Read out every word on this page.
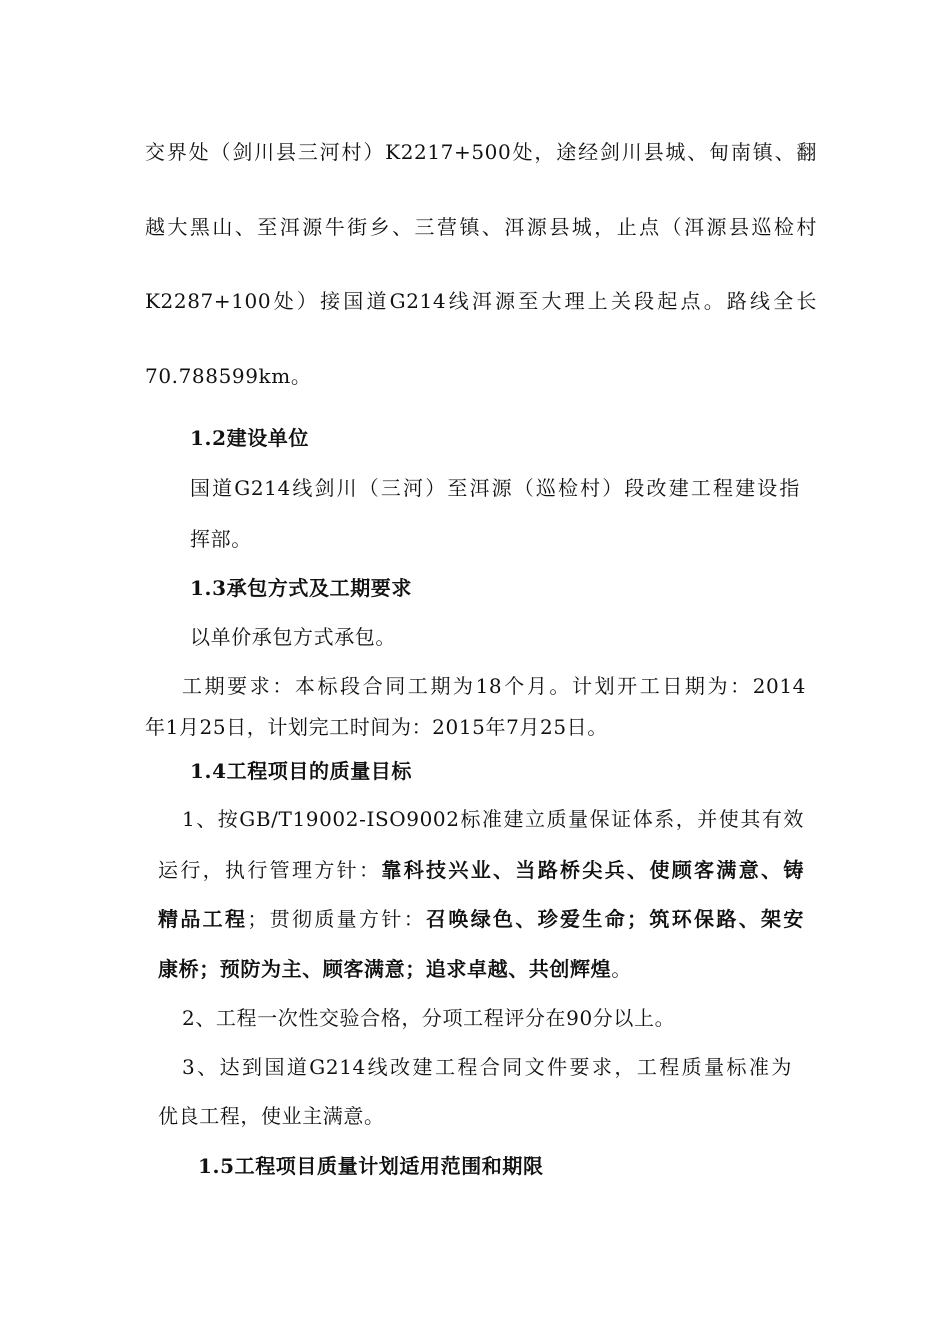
交界处（剑川县三河村）K2217+500处，途经剑川县城、甸南镇、翻
越大黑山、至洱源牛街乡、三营镇、洱源县城，止点（洱源县巡检村
K2287+100处）接国道G214线洱源至大理上关段起点。路线全长
70.788599km。
1.2建设单位
国道G214线剑川（三河）至洱源（巡检村）段改建工程建设指
挥部。
1.3承包方式及工期要求
以单价承包方式承包。
工期要求：本标段合同工期为18个月。计划开工日期为：2014
年1月25日，计划完工时间为：2015年7月25日。
1.4工程项目的质量目标
1、按GB/T19002-ISO9002标准建立质量保证体系，并使其有效
运行，执行管理方针：靠科技兴业、当路桥尖兵、使顾客满意、铸
精品工程；贯彻质量方针：召唤绿色、珍爱生命；筑环保路、架安
康桥；预防为主、顾客满意；追求卓越、共创辉煌。
2、工程一次性交验合格，分项工程评分在90分以上。
3、达到国道G214线改建工程合同文件要求，工程质量标准为
优良工程，使业主满意。
1.5工程项目质量计划适用范围和期限
